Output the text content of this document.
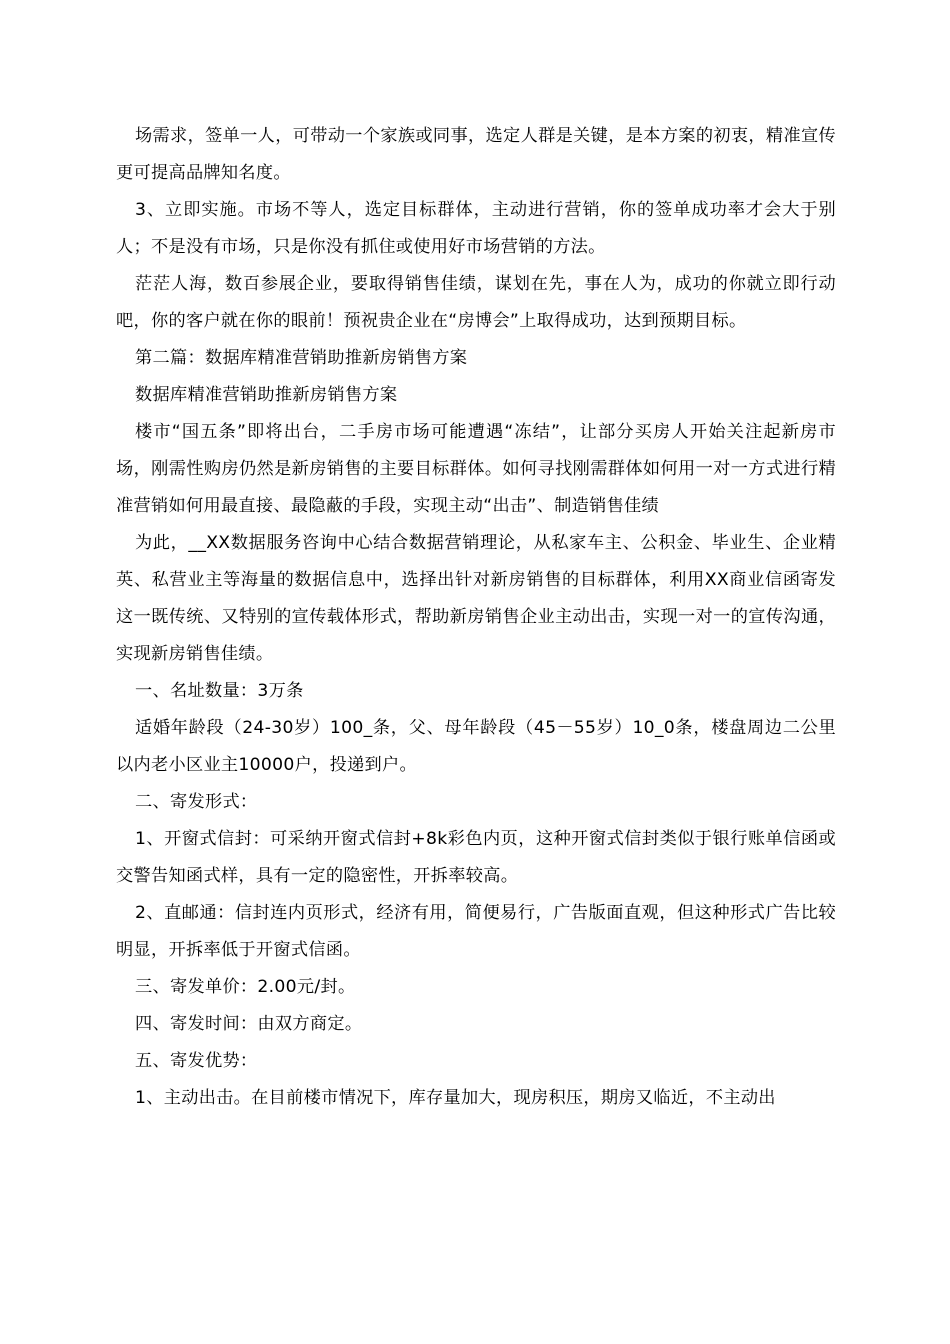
场需求，签单一人，可带动一个家族或同事，选定人群是关键，是本方案的初衷，精准宣传更可提高品牌知名度。

3、立即实施。市场不等人，选定目标群体，主动进行营销，你的签单成功率才会大于别人；不是没有市场，只是你没有抓住或使用好市场营销的方法。

茫茫人海，数百参展企业，要取得销售佳绩，谋划在先，事在人为，成功的你就立即行动吧，你的客户就在你的眼前！预祝贵企业在“房博会”上取得成功，达到预期目标。

第二篇：数据库精准营销助推新房销售方案

数据库精准营销助推新房销售方案

楼市“国五条”即将出台，二手房市场可能遭遇“冻结”，让部分买房人开始关注起新房市场，刚需性购房仍然是新房销售的主要目标群体。如何寻找刚需群体如何用一对一方式进行精准营销如何用最直接、最隐蔽的手段，实现主动“出击”、制造销售佳绩

为此，__XX数据服务咨询中心结合数据营销理论，从私家车主、公积金、毕业生、企业精英、私营业主等海量的数据信息中，选择出针对新房销售的目标群体，利用XX商业信函寄发这一既传统、又特别的宣传载体形式，帮助新房销售企业主动出击，实现一对一的宣传沟通，实现新房销售佳绩。

一、名址数量：3万条

适婚年龄段（24-30岁）100_条，父、母年龄段（45－55岁）10_0条，楼盘周边二公里以内老小区业主10000户，投递到户。

二、寄发形式：

1、开窗式信封：可采纳开窗式信封+8k彩色内页，这种开窗式信封类似于银行账单信函或交警告知函式样，具有一定的隐密性，开拆率较高。

2、直邮通：信封连内页形式，经济有用，简便易行，广告版面直观，但这种形式广告比较明显，开拆率低于开窗式信函。

三、寄发单价：2.00元/封。

四、寄发时间：由双方商定。

五、寄发优势：

1、主动出击。在目前楼市情况下，库存量加大，现房积压，期房又临近，不主动出
